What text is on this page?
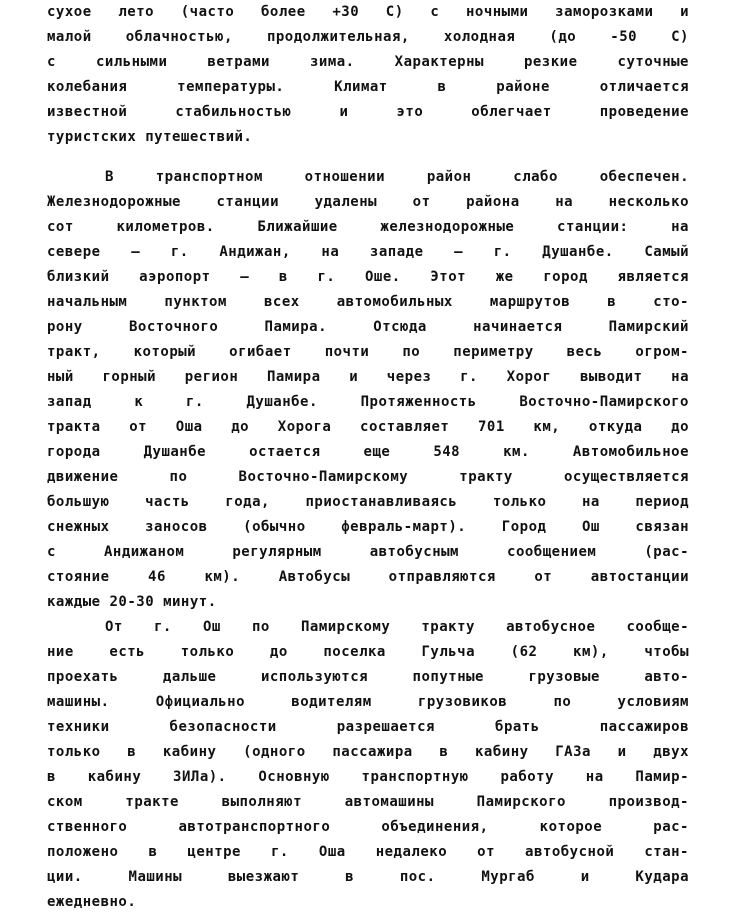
сухое лето (часто более +30 С) с ночными заморозками и
малой облачностью, продолжительная, холодная (до -50 С)
с сильными ветрами зима. Характерны резкие суточные
колебания температуры. Климат в районе отличается
известной стабильностью и это облегчает проведение
туристских путешествий.
В транспортном отношении район слабо обеспечен.
Железнодорожные станции удалены от района на несколько
сот километров. Ближайшие железнодорожные станции: на
севере – г. Андижан, на западе – г. Душанбе. Самый
близкий аэропорт – в г. Оше. Этот же город является
начальным пунктом всех автомобильных маршрутов в сто-
рону Восточного Памира. Отсюда начинается Памирский
тракт, который огибает почти по периметру весь огром-
ный горный регион Памира и через г. Хорог выводит на
запад к г. Душанбе. Протяженность Восточно-Памирского
тракта от Оша до Хорога составляет 701 км, откуда до
города Душанбе остается еще 548 км. Автомобильное
движение по Восточно-Памирскому тракту осуществляется
большую часть года, приостанавливаясь только на период
снежных заносов (обычно февраль-март). Город Ош связан
с Андижаном регулярным автобусным сообщением (рас-
стояние 46 км). Автобусы отправляются от автостанции
каждые 20-30 минут.
От г. Ош по Памирскому тракту автобусное сообще-
ние есть только до поселка Гульча (62 км), чтобы
проехать дальше используются попутные грузовые авто-
машины. Официально водителям грузовиков по условиям
техники безопасности разрешается брать пассажиров
только в кабину (одного пассажира в кабину ГАЗа и двух
в кабину ЗИЛа). Основную транспортную работу на Памир-
ском тракте выполняют автомашины Памирского производ-
ственного автотранспортного объединения, которое рас-
положено в центре г. Оша недалеко от автобусной стан-
ции. Машины выезжают в пос. Мургаб и Кудара
ежедневно.
